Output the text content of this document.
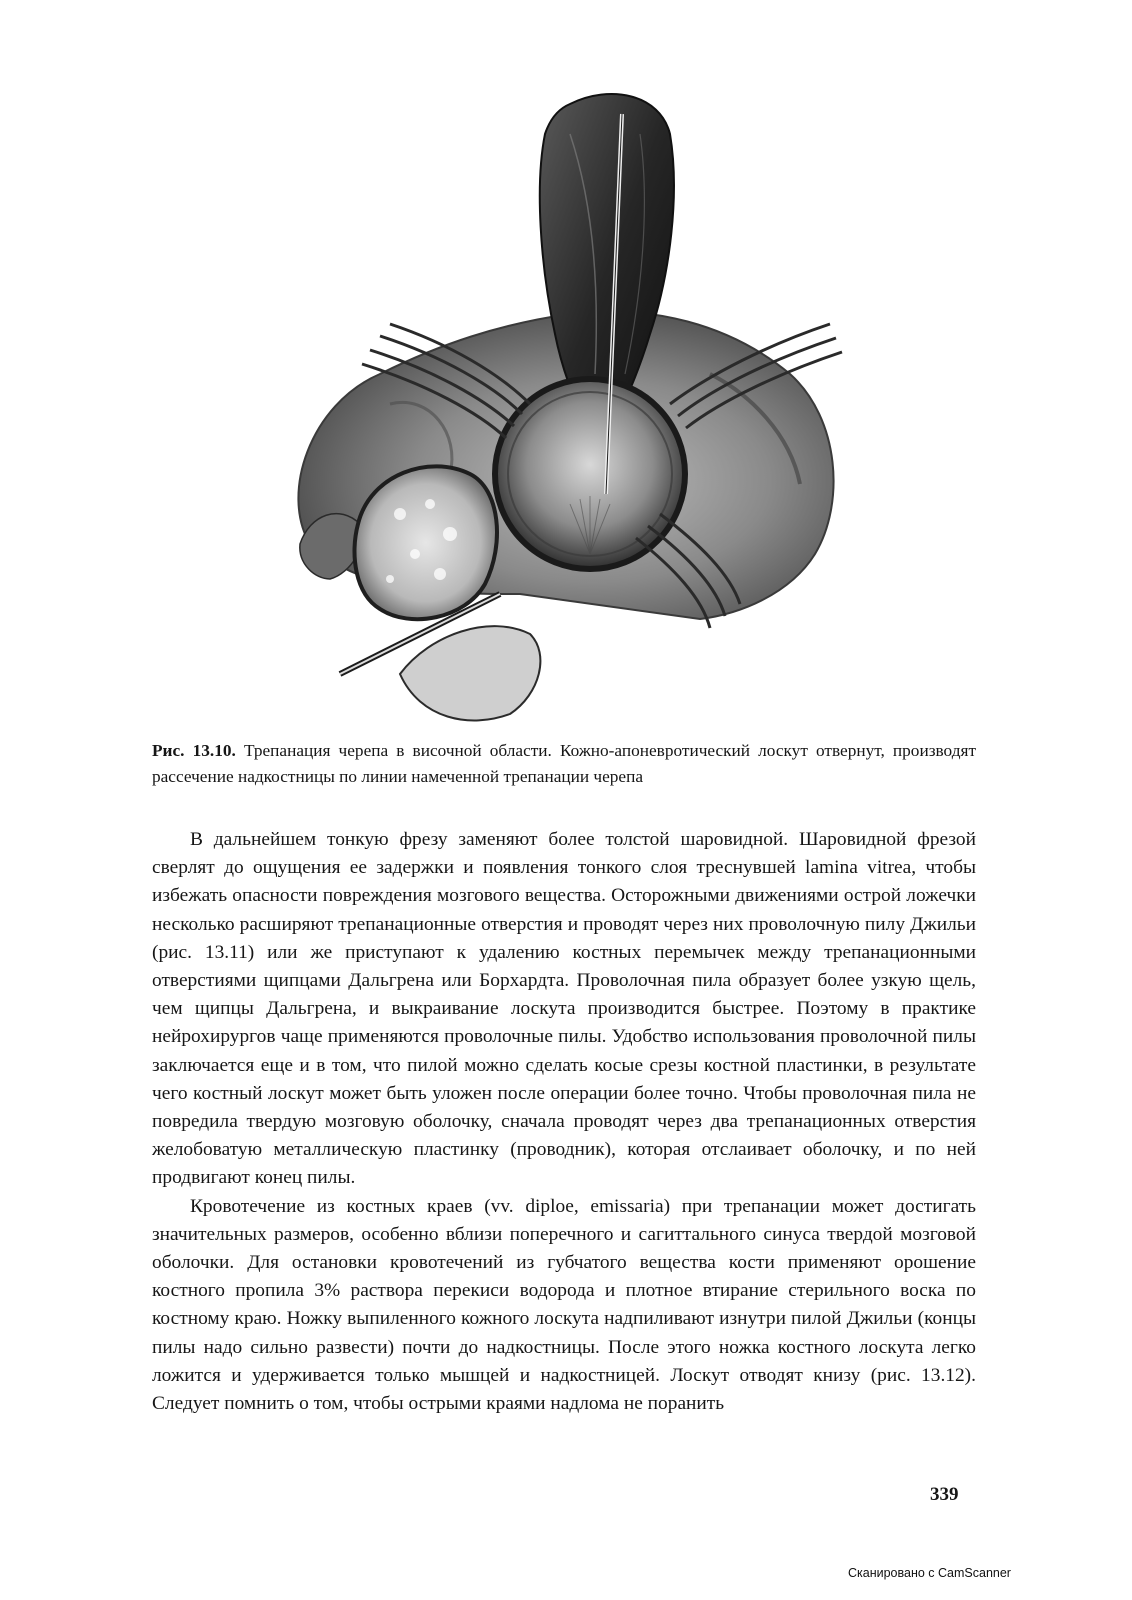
Рис. 13.10. Трепанация черепа в височной области. Кожно-апоневротический лоскут отвернут, производят рассечение надкостницы по линии намеченной трепанации черепа

В дальнейшем тонкую фрезу заменяют более толстой шаровидной. Шаровидной фрезой сверлят до ощущения ее задержки и появления тонкого слоя треснувшей lamina vitrea, чтобы избежать опасности повреждения мозгового вещества. Осторожными движениями острой ложечки несколько расширяют трепанационные отверстия и проводят через них проволочную пилу Джильи (рис. 13.11) или же приступают к удалению костных перемычек между трепанационными отверстиями щипцами Дальгрена или Борхардта. Проволочная пила образует более узкую щель, чем щипцы Дальгрена, и выкраивание лоскута производится быстрее. Поэтому в практике нейрохирургов чаще применяются проволочные пилы. Удобство использования проволочной пилы заключается еще и в том, что пилой можно сделать косые срезы костной пластинки, в результате чего костный лоскут может быть уложен после операции более точно. Чтобы проволочная пила не повредила твердую мозговую оболочку, сначала проводят через два трепанационных отверстия желобоватую металлическую пластинку (проводник), которая отслаивает оболочку, и по ней продвигают конец пилы.

Кровотечение из костных краев (vv. diploe, emissaria) при трепанации может достигать значительных размеров, особенно вблизи поперечного и сагиттального синуса твердой мозговой оболочки. Для остановки кровотечений из губчатого вещества кости применяют орошение костного пропила 3% раствора перекиси водорода и плотное втирание стерильного воска по костному краю. Ножку выпиленного кожного лоскута надпиливают изнутри пилой Джильи (концы пилы надо сильно развести) почти до надкостницы. После этого ножка костного лоскута легко ложится и удерживается только мышцей и надкостницей. Лоскут отводят книзу (рис. 13.12). Следует помнить о том, чтобы острыми краями надлома не поранить

339
Сканировано с CamScanner
